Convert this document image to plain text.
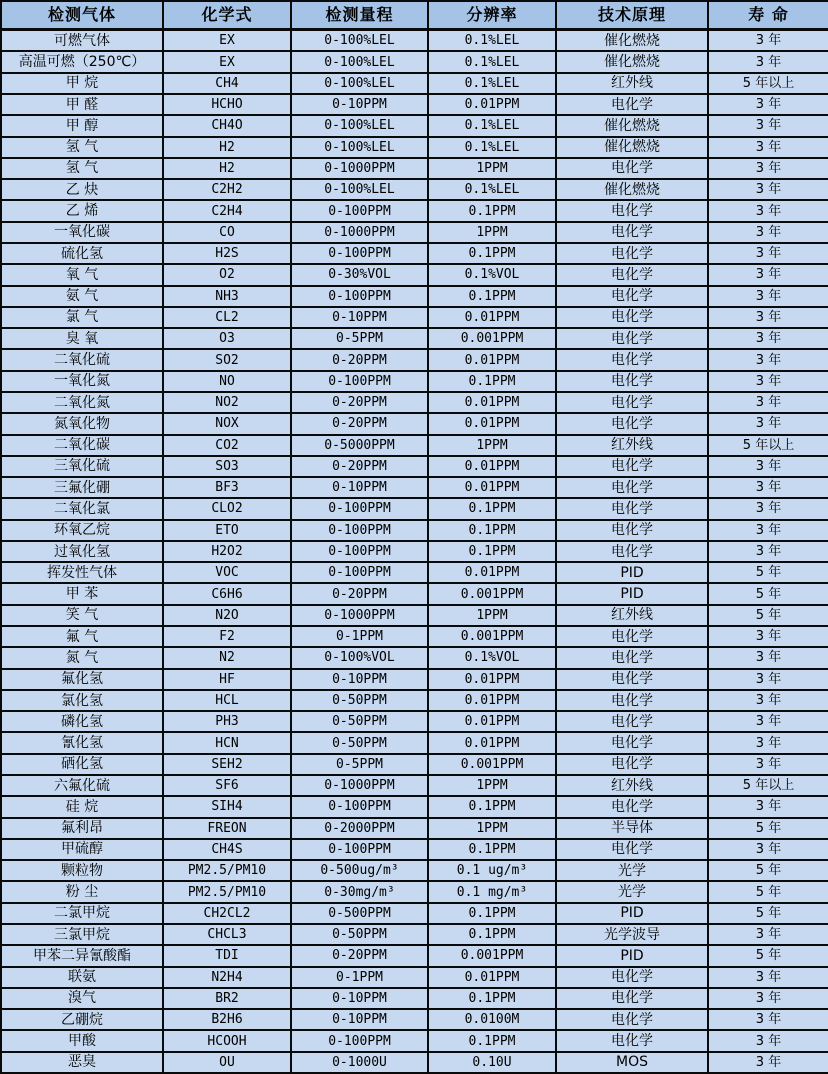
检测气体	化学式	检测量程	分辨率	技术原理	寿 命
可燃气体	EX	0-100%LEL	0.1%LEL	催化燃烧	3 年
高温可燃（250℃）	EX	0-100%LEL	0.1%LEL	催化燃烧	3 年
甲 烷	CH4	0-100%LEL	0.1%LEL	红外线	5 年以上
甲 醛	HCHO	0-10PPM	0.01PPM	电化学	3 年
甲 醇	CH4O	0-100%LEL	0.1%LEL	催化燃烧	3 年
氢 气	H2	0-100%LEL	0.1%LEL	催化燃烧	3 年
氢 气	H2	0-1000PPM	1PPM	电化学	3 年
乙 炔	C2H2	0-100%LEL	0.1%LEL	催化燃烧	3 年
乙 烯	C2H4	0-100PPM	0.1PPM	电化学	3 年
一氧化碳	CO	0-1000PPM	1PPM	电化学	3 年
硫化氢	H2S	0-100PPM	0.1PPM	电化学	3 年
氧 气	O2	0-30%VOL	0.1%VOL	电化学	3 年
氨 气	NH3	0-100PPM	0.1PPM	电化学	3 年
氯 气	CL2	0-10PPM	0.01PPM	电化学	3 年
臭 氧	O3	0-5PPM	0.001PPM	电化学	3 年
二氧化硫	SO2	0-20PPM	0.01PPM	电化学	3 年
一氧化氮	NO	0-100PPM	0.1PPM	电化学	3 年
二氧化氮	NO2	0-20PPM	0.01PPM	电化学	3 年
氮氧化物	NOX	0-20PPM	0.01PPM	电化学	3 年
二氧化碳	CO2	0-5000PPM	1PPM	红外线	5 年以上
三氧化硫	SO3	0-20PPM	0.01PPM	电化学	3 年
三氟化硼	BF3	0-10PPM	0.01PPM	电化学	3 年
二氧化氯	CLO2	0-100PPM	0.1PPM	电化学	3 年
环氧乙烷	ETO	0-100PPM	0.1PPM	电化学	3 年
过氧化氢	H2O2	0-100PPM	0.1PPM	电化学	3 年
挥发性气体	VOC	0-100PPM	0.01PPM	PID	5 年
甲 苯	C6H6	0-20PPM	0.001PPM	PID	5 年
笑 气	N2O	0-1000PPM	1PPM	红外线	5 年
氟 气	F2	0-1PPM	0.001PPM	电化学	3 年
氮 气	N2	0-100%VOL	0.1%VOL	电化学	3 年
氟化氢	HF	0-10PPM	0.01PPM	电化学	3 年
氯化氢	HCL	0-50PPM	0.01PPM	电化学	3 年
磷化氢	PH3	0-50PPM	0.01PPM	电化学	3 年
氰化氢	HCN	0-50PPM	0.01PPM	电化学	3 年
硒化氢	SEH2	0-5PPM	0.001PPM	电化学	3 年
六氟化硫	SF6	0-1000PPM	1PPM	红外线	5 年以上
硅 烷	SIH4	0-100PPM	0.1PPM	电化学	3 年
氟利昂	FREON	0-2000PPM	1PPM	半导体	5 年
甲硫醇	CH4S	0-100PPM	0.1PPM	电化学	3 年
颗粒物	PM2.5/PM10	0-500ug/m³	0.1 ug/m³	光学	5 年
粉 尘	PM2.5/PM10	0-30mg/m³	0.1 mg/m³	光学	5 年
二氯甲烷	CH2CL2	0-500PPM	0.1PPM	PID	5 年
三氯甲烷	CHCL3	0-50PPM	0.1PPM	光学波导	3 年
甲苯二异氰酸酯	TDI	0-20PPM	0.001PPM	PID	5 年
联氨	N2H4	0-1PPM	0.01PPM	电化学	3 年
溴气	BR2	0-10PPM	0.1PPM	电化学	3 年
乙硼烷	B2H6	0-10PPM	0.0100M	电化学	3 年
甲酸	HCOOH	0-100PPM	0.1PPM	电化学	3 年
恶臭	OU	0-1000U	0.10U	MOS	3 年
